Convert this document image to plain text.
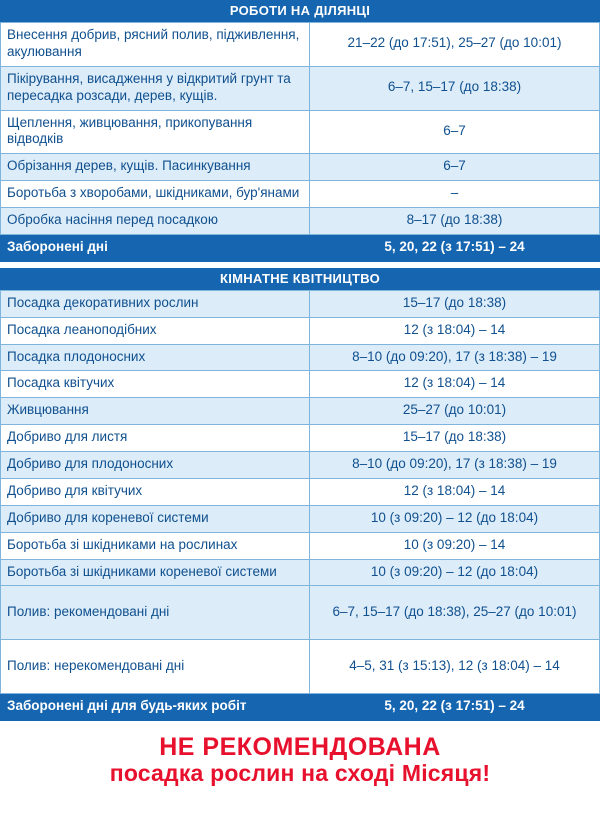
РОБОТИ НА ДІЛЯНЦІ
Внесення добрив, рясний полив, підживлення, акулювання	21–22 (до 17:51), 25–27 (до 10:01)
Пікірування, висадження у відкритий грунт та пересадка розсади, дерев, кущів.	6–7, 15–17 (до 18:38)
Щеплення, живцювання, прикопування відводків	6–7
Обрізання дерев, кущів. Пасинкування	6–7
Боротьба з хворобами, шкідниками, бур'янами	–
Обробка насіння перед посадкою	8–17 (до 18:38)
Заборонені дні	5, 20, 22 (з 17:51) – 24
КІМНАТНЕ КВІТНИЦТВО
Посадка декоративних рослин	15–17 (до 18:38)
Посадка леаноподібних	12 (з 18:04) – 14
Посадка плодоносних	8–10 (до 09:20), 17 (з 18:38) – 19
Посадка квітучих	12 (з 18:04) – 14
Живцювання	25–27 (до 10:01)
Добриво для листя	15–17 (до 18:38)
Добриво для плодоносних	8–10 (до 09:20), 17 (з 18:38) – 19
Добриво для квітучих	12 (з 18:04) – 14
Добриво для кореневої системи	10 (з 09:20) – 12 (до 18:04)
Боротьба зі шкідниками на рослинах	10 (з 09:20) – 14
Боротьба зі шкідниками кореневої системи	10 (з 09:20) – 12 (до 18:04)
Полив: рекомендовані дні	6–7, 15–17 (до 18:38), 25–27 (до 10:01)
Полив: нерекомендовані дні	4–5, 31 (з 15:13), 12 (з 18:04) – 14
Заборонені дні для будь-яких робіт	5, 20, 22 (з 17:51) – 24
НЕ РЕКОМЕНДОВАНА
посадка рослин на сході Місяця!
